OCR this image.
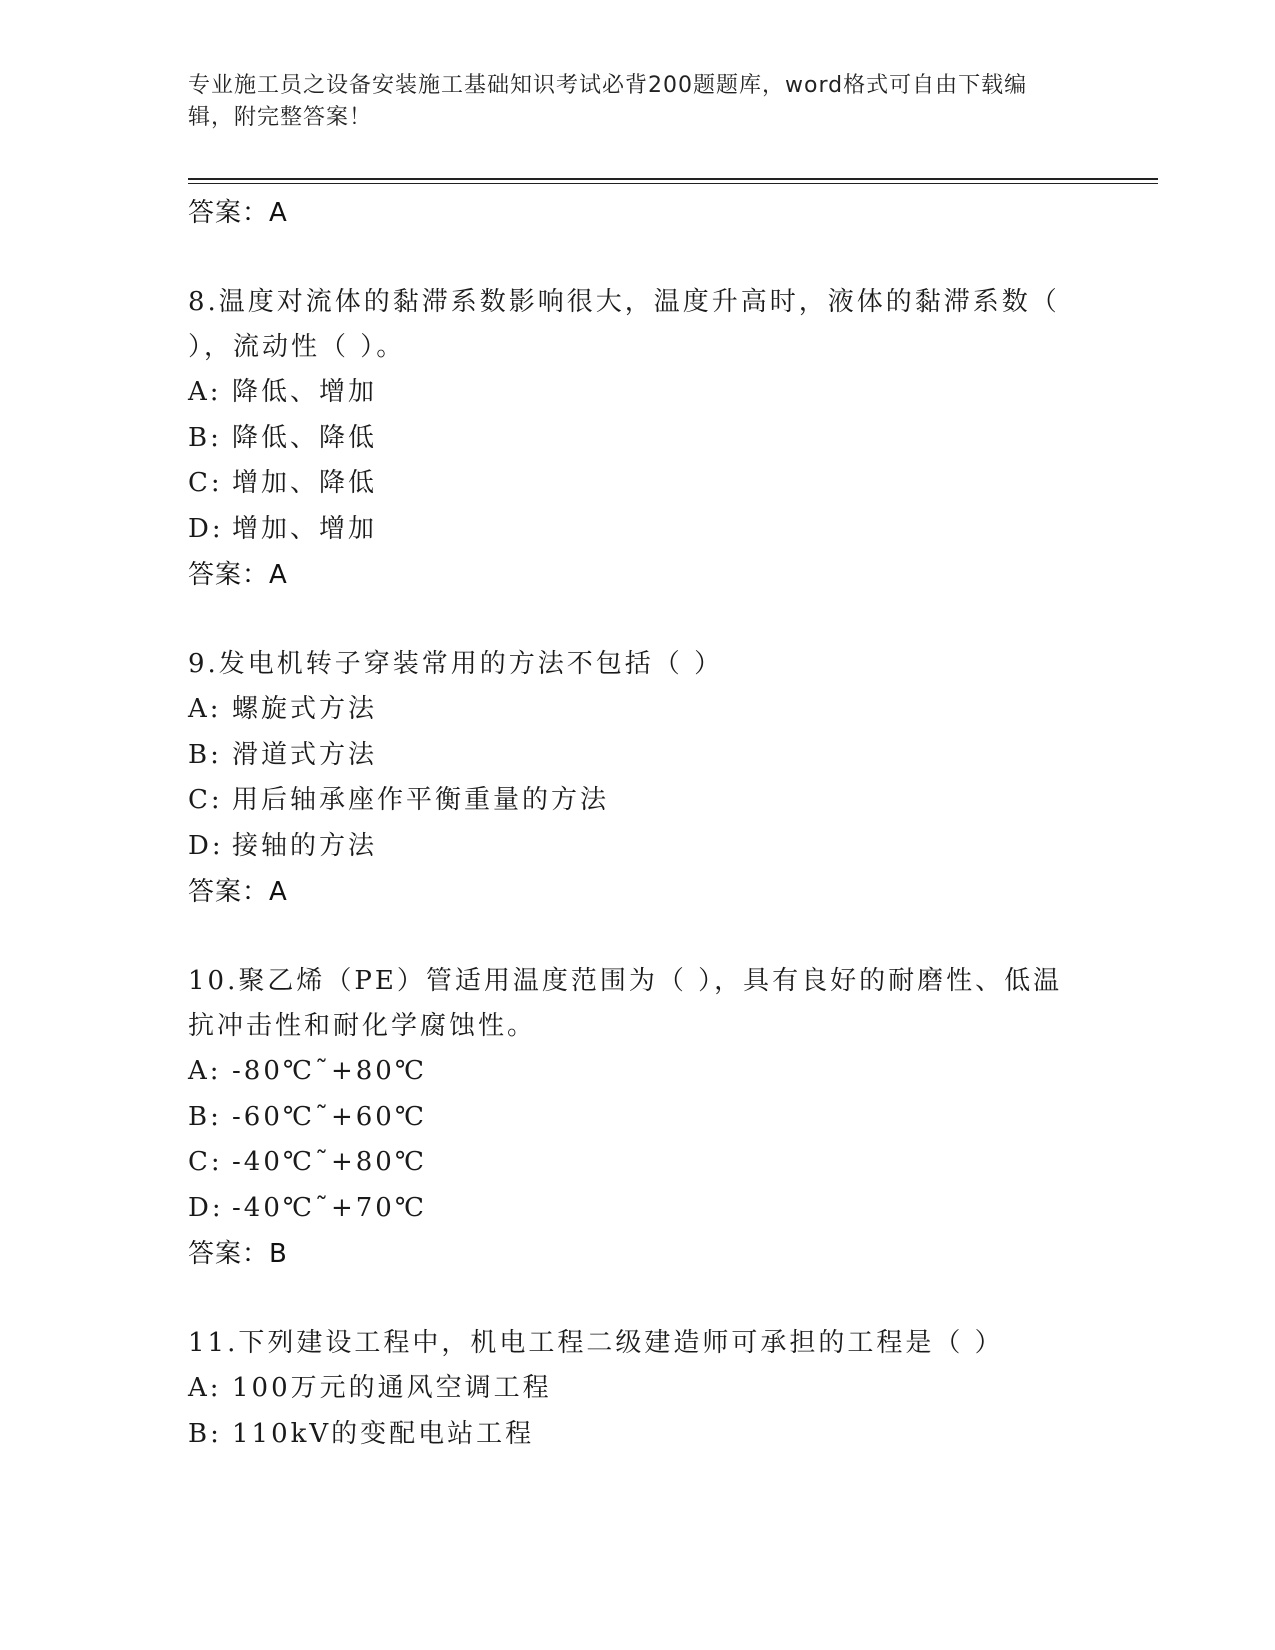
专业施工员之设备安装施工基础知识考试必背200题题库，word格式可自由下载编辑，附完整答案！
答案：A
8.温度对流体的黏滞系数影响很大，温度升高时，液体的黏滞系数（ ），流动性（ ）。
A: 降低、增加
B: 降低、降低
C: 增加、降低
D: 增加、增加
答案：A
9.发电机转子穿装常用的方法不包括（ ）
A: 螺旋式方法
B: 滑道式方法
C: 用后轴承座作平衡重量的方法
D: 接轴的方法
答案：A
10.聚乙烯（PE）管适用温度范围为（ ），具有良好的耐磨性、低温抗冲击性和耐化学腐蚀性。
A: -80℃˜+80℃
B: -60℃˜+60℃
C: -40℃˜+80℃
D: -40℃˜+70℃
答案：B
11.下列建设工程中，机电工程二级建造师可承担的工程是（ ）
A: 100万元的通风空调工程
B: 110kV的变配电站工程
